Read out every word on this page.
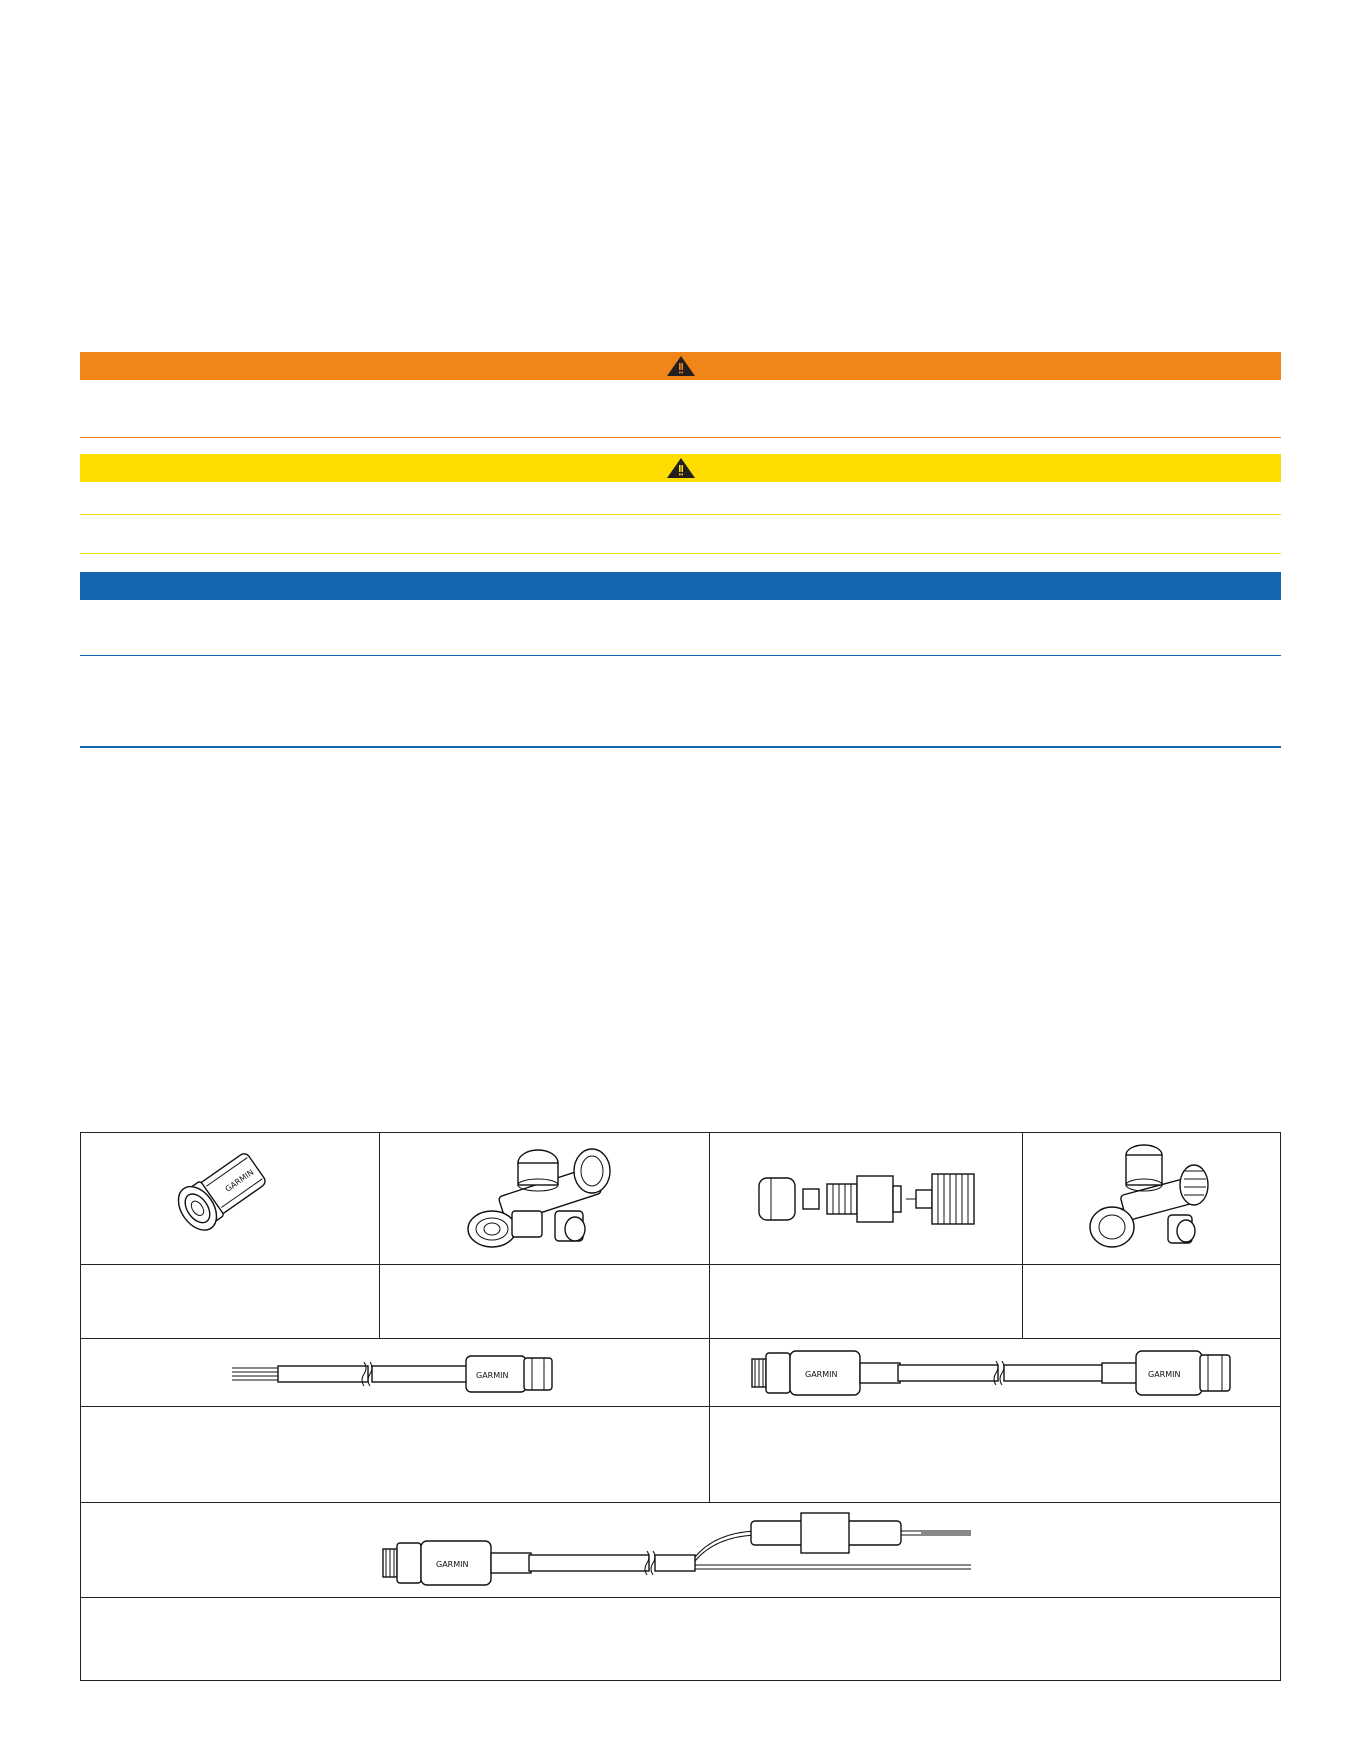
GARMIN
GARMIN	GARMIN	GARMIN
GARMIN
